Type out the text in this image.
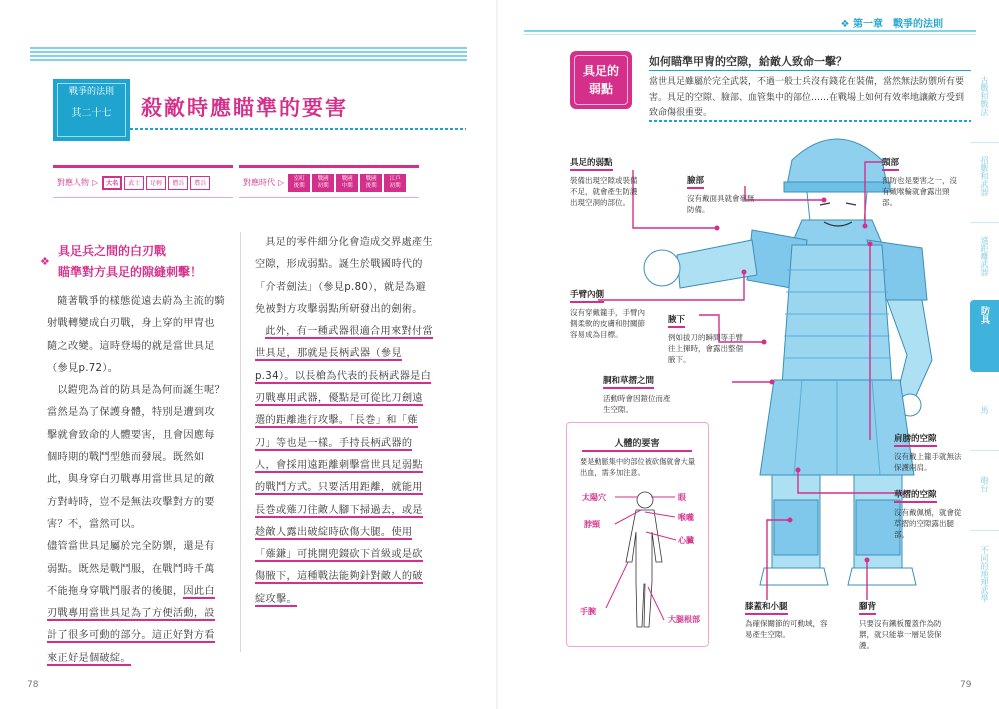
戰爭的法則
其二十七	殺敵時應瞄準的要害
對應人物 ▷	大名	武士	足輕	僧兵	農兵	對應時代 ▷	室町
後期
戰國
初期
戰國
中期
戰國
後期
江戶
初期
❖
具足兵之間的白刃戰
瞄準對方具足的隙縫刺擊！

隨著戰爭的樣態從遠去蔚為主流的騎射戰轉變成白刃戰，身上穿的甲冑也隨之改變。這時登場的就是當世具足（參見p.72）。

以鎧兜為首的防具是為何而誕生呢？當然是為了保護身體，特別是遭到攻擊就會致命的人體要害，且會因應每個時期的戰鬥型態而發展。既然如此，與身穿白刃戰專用當世具足的敵方對峙時，豈不是無法攻擊對方的要害？不，當然可以。

儘管當世具足屬於完全防禦，還是有弱點。既然是戰鬥服，在戰鬥時千萬不能拖身穿戰鬥服者的後腿，

因此白刃戰專用當世具足為了方便活動，設計了很多可動的部分。這正好對方看來正好是個破綻。

具足的零件細分化會造成交界處產生空隙，形成弱點。誕生於戰國時代的「介者劍法」（參見p.80），就是為避免被對方攻擊弱點所研發出的劍術。

此外，有一種武器很適合用來對付當世具足，那就是長柄武器（參見p.34）。以長槍為代表的長柄武器是白刃戰專用武器，優點是可從比刀劍遠選的距離進行攻擊。「長巻」和「薙刀」等也是一樣。手持長柄武器的人，會採用遠距離刺擊當世具足弱點的戰鬥方式。只要活用距離，就能用長巻或薙刀往敵人腳下掃過去，或是趁敵人露出破綻時砍傷大腿。使用「薙鎌」可挑開兜錣砍下首級或是砍傷腋下，這種戰法能夠針對敵人的破綻攻擊。

78
❖ 第一章　戰爭的法則
具足的
弱點
如何瞄準甲冑的空隙，給敵人致命一擊？
當世具足雖屬於完全武裝，不過一般士兵沒有錢花在裝備，當然無法防禦所有要害。具足的空隙、臉部、血管集中的部位……在戰場上如何有效率地讓敵方受到致命傷很重要。
具足的弱點
裝備出現空隙或裝備不足，就會產生防護出現空洞的部位。
臉部
沒有戴面具就會毫無防備。
頸部
預防也是要害之一，沒有戴喉輪就會露出頸部。
手臂內側
沒有穿戴籠手，手臂內側柔軟的皮膚和肘關節容易成為目標。
腋下
例如拔刀的瞬間等手臂往上揮時，會露出整個腋下。
胴和草摺之間
活動時會因鎧位而產生空隙。
肩膀的空隙
沒有戴上籠手就無法保護兩肩。
草摺的空隙
沒有戴佩楯，就會從草摺的空隙露出腿部。
膝蓋和小腿
為確保關節的可動域，容易產生空隙。
腳背
只要沒有鐵板覆蓋作為防禦，就只能靠一層足袋保護。
人體的要害
要是動脈集中的部位被砍傷就會大量出血，需多加注意。
太陽穴	眼
脖頸
喉嚨
心臟
手腕
大腿根部
古戰和戰法
招數和武器
遠距離武器
防具
馬
砲台
不同的地理武學
79
